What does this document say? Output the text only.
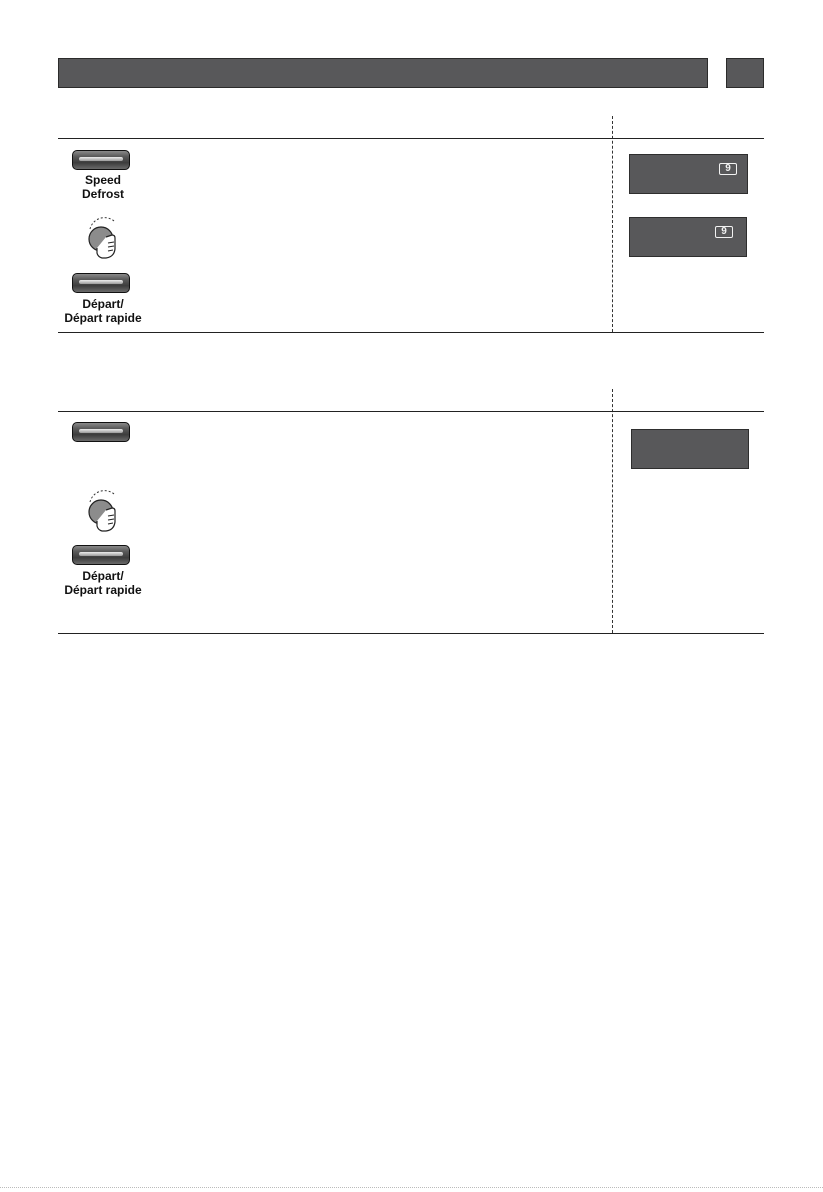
Speed
Defrost
Départ/
Départ rapide
9
9
Départ/
Départ rapide
